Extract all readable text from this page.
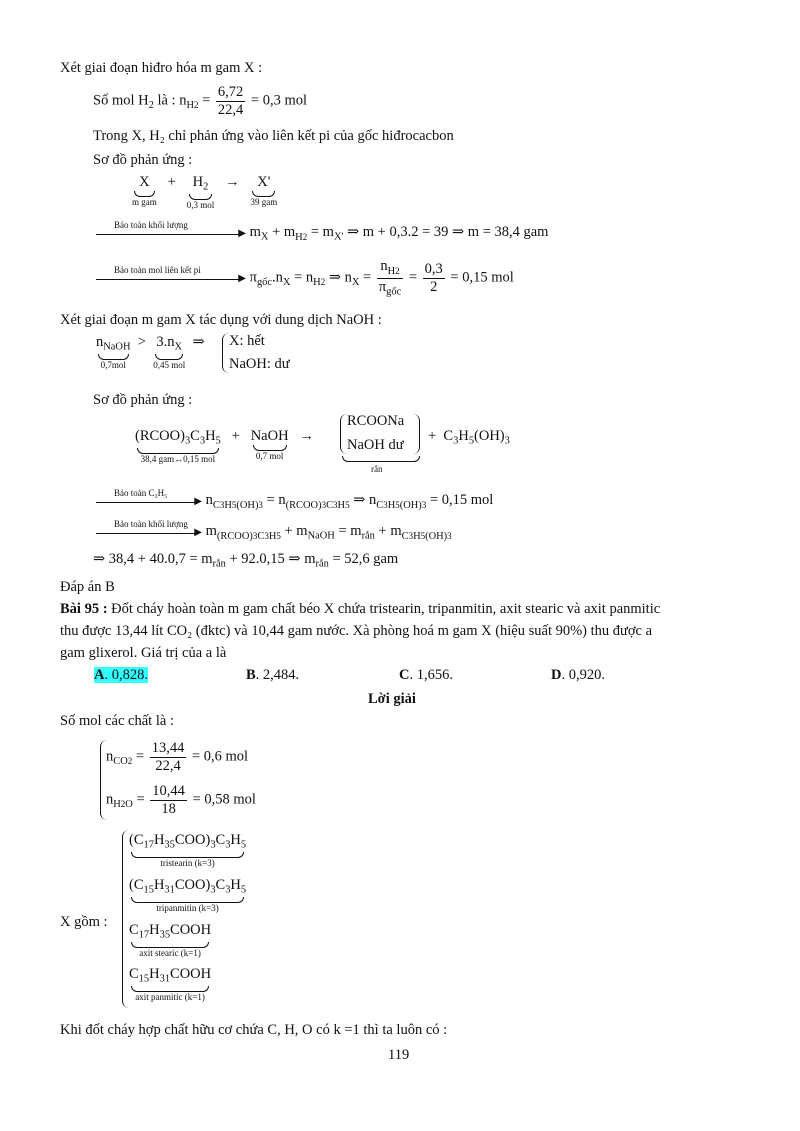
Xét giai đoạn hiđro hóa m gam X :
Số mol $H_2$ là : $n_{H2} = \frac{6,72}{22,4} = 0,3$ mol
Trong X, H₂ chỉ phản ứng vào liên kết pi của gốc hiđrocacbon
Sơ đồ phản ứng :
X
m gam
+ $H_2$
0,3 mol
→ X'
39 gam
Bảo toàn khối lượng
▶ $m_X + m_{H2} = m_{X'}$ ⇒ m + 0,3.2 = 39 ⇒ m = 38,4 gam
Bảo toàn mol liên kết pi
▶ $\pi_{gốc}.n_X = n_{H2}$ ⇒ $n_X = \frac{n_{H2}}{\pi_{gốc}} = \frac{0,3}{2} = 0,15$ mol
Xét giai đoạn m gam X tác dụng với dung dịch NaOH :
$n_{NaOH}$
0,7mol
> $3.n_X$
0,45 mol
⇒ X: hết
NaOH: dư
Sơ đồ phản ứng :
$(RCOO)_3C_3H_5$
38,4 gam↔0,15 mol
+ NaOH
0,7 mol
→
RCOONa
NaOH dư
rắn
+  $C_3H_5(OH)_3$
Bảo toàn C₃H₅
▶ $n_{C3H5(OH)3} = n_{(RCOO)3C3H5}$ ⇒ $n_{C3H5(OH)3} = 0,15$ mol
Bảo toàn khối lượng
▶ $m_{(RCOO)3C3H5} + m_{NaOH} = m_{rắn} + m_{C3H5(OH)3}$
⇒ $38,4 + 40.0,7 = m_{rắn} + 92.0,15$ ⇒ $m_{rắn} = 52,6$ gam
Đáp án B
Bài 95 : Đốt cháy hoàn toàn m gam chất béo X chứa tristearin, tripanmitin, axit stearic và axit panmitic
thu được 13,44 lít CO₂ (đktc) và 10,44 gam nước. Xà phòng hoá m gam X (hiệu suất 90%) thu được a
gam glixerol. Giá trị của a là
A. 0,828.	B. 2,484.	C. 1,656.	D. 0,920.
Lời giải
Số mol các chất là :
$n_{CO2} = \frac{13,44}{22,4} = 0,6$ mol
$n_{H2O} = \frac{10,44}{18} = 0,58$ mol
X gồm :
$(C_{17}H_{35}COO)_3C_3H_5$
tristearin (k=3)
$(C_{15}H_{31}COO)_3C_3H_5$
tripanmitin (k=3)
$C_{17}H_{35}COOH$
axit stearic (k=1)
$C_{15}H_{31}COOH$
axit panmitic (k=1)
Khi đốt cháy hợp chất hữu cơ chứa C, H, O có k =1 thì ta luôn có :
119
